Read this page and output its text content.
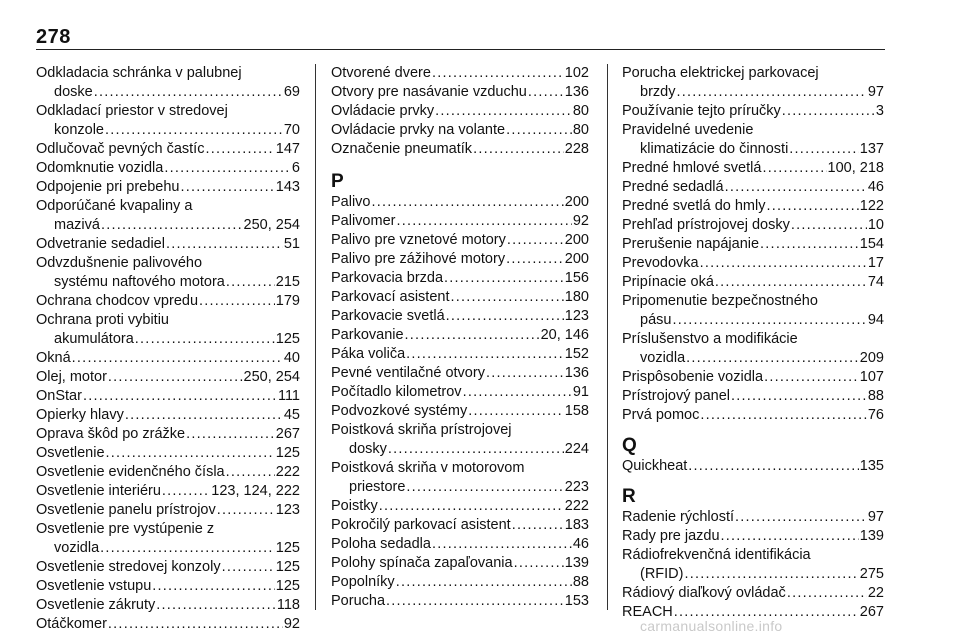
278
Odkladacia schránka v palubnej
doske . . .	69
Odkladací priestor v stredovej
konzole . . .	70
Odlučovač pevných častíc . . .	147
Odomknutie vozidla . . .	6
Odpojenie pri prebehu . . .	143
Odporúčané kvapaliny a
mazivá . . .	250, 254
Odvetranie sedadiel . . .	51
Odvzdušnenie palivového
systému naftového motora . . .	215
Ochrana chodcov vpredu . . .	179
Ochrana proti vybitiu
akumulátora . . .	125
Okná . . .	40
Olej, motor . . .	250, 254
OnStar . . .	111
Opierky hlavy . . .	45
Oprava škôd po zrážke . . .	267
Osvetlenie . . .	125
Osvetlenie evidenčného čísla . . .	222
Osvetlenie interiéru . . .	123, 124, 222
Osvetlenie panelu prístrojov . . .	123
Osvetlenie pre vystúpenie z
vozidla . . .	125
Osvetlenie stredovej konzoly . . .	125
Osvetlenie vstupu . . .	125
Osvetlenie zákruty . . .	118
Otáčkomer . . .	92
Otvorené dvere . . .	102
Otvory pre nasávanie vzduchu . . .	136
Ovládacie prvky . . .	80
Ovládacie prvky na volante . . .	80
Označenie pneumatík . . .	228
P
Palivo . . .	200
Palivomer . . .	92
Palivo pre vznetové motory . . .	200
Palivo pre zážihové motory . . .	200
Parkovacia brzda . . .	156
Parkovací asistent . . .	180
Parkovacie svetlá . . .	123
Parkovanie . . .	20, 146
Páka voliča . . .	152
Pevné ventilačné otvory . . .	136
Počítadlo kilometrov . . .	91
Podvozkové systémy . . .	158
Poistková skriňa prístrojovej
dosky . . .	224
Poistková skriňa v motorovom
priestore . . .	223
Poistky . . .	222
Pokročilý parkovací asistent . . .	183
Poloha sedadla . . .	46
Polohy spínača zapaľovania . . .	139
Popolníky . . .	88
Porucha . . .	153
Porucha elektrickej parkovacej
brzdy . . .	97
Používanie tejto príručky . . .	3
Pravidelné uvedenie
klimatizácie do činnosti . . .	137
Predné hmlové svetlá . . .	100, 218
Predné sedadlá . . .	46
Predné svetlá do hmly . . .	122
Prehľad prístrojovej dosky . . .	10
Prerušenie napájanie . . .	154
Prevodovka . . .	17
Pripínacie oká . . .	74
Pripomenutie bezpečnostného
pásu . . .	94
Príslušenstvo a modifikácie
vozidla . . .	209
Prispôsobenie vozidla . . .	107
Prístrojový panel . . .	88
Prvá pomoc . . .	76
Q
Quickheat . . .	135
R
Radenie rýchlostí . . .	97
Rady pre jazdu . . .	139
Rádiofrekvenčná identifikácia
(RFID) . . .	275
Rádiový diaľkový ovládač . . .	22
REACH . . .	267
carmanualsonline.info
